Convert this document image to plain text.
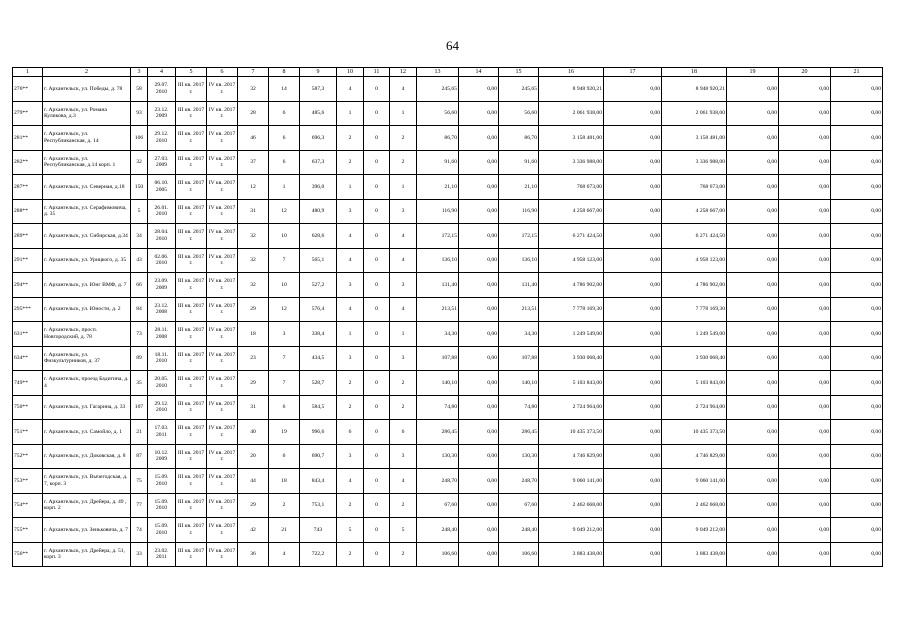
64
1	2	3	4	5	6	7	8	9	10	11	12	13	14	15	16	17	18	19	20	21
276**	г. Архангельск, ул. Победы, д. 78	58	29.07. 2010	III кв. 2017 г.	IV кв. 2017 г.	32	14	587,3	4	0	4	245,65	0,00	245,65	8 948 920,21	0,00	8 948 920,21	0,00	0,00	0,00
279**	г. Архангельск, ул. Романа Куликова, д.3	93	23.12. 2009	III кв. 2017 г.	IV кв. 2017 г.	28	6	485,6	1	0	1	56,60	0,00	56,60	2 061 938,00	0,00	2 061 938,00	0,00	0,00	0,00
281**	г. Архангельск, ул. Республиканская, д. 14	106	29.12. 2010	III кв. 2017 г.	IV кв. 2017 г.	46	6	696,3	2	0	2	86,70	0,00	86,70	3 158 481,00	0,00	3 158 481,00	0,00	0,00	0,00
282**	г. Архангельск, ул. Республиканская, д.14 корп. 1	32	27.03. 2009	III кв. 2017 г.	IV кв. 2017 г.	37	6	637,3	2	0	2	91,60	0,00	91,60	3 336 988,00	0,00	3 336 988,00	0,00	0,00	0,00
287**	г. Архангельск, ул. Северная, д.18	150	06.10. 2005	III кв. 2017 г.	IV кв. 2017 г.	12	1	396,0	1	0	1	21,10	0,00	21,10	768 673,00	0,00	768 673,00	0,00	0,00	0,00
288**	г. Архангельск, ул. Серафимовича, д. 35	5	26.01. 2010	III кв. 2017 г.	IV кв. 2017 г.	31	12	480,9	3	0	3	116,90	0,00	116,90	4 258 667,00	0,00	4 258 667,00	0,00	0,00	0,00
289**	г. Архангельск, ул. Сибирская, д.34	34	28.04. 2010	III кв. 2017 г.	IV кв. 2017 г.	32	10	628,6	4	0	4	172,15	0,00	172,15	6 271 424,50	0,00	6 271 424,50	0,00	0,00	0,00
291**	г. Архангельск, ул. Урицкого, д. 35	43	02.06. 2010	III кв. 2017 г.	IV кв. 2017 г.	32	7	565,1	4	0	4	136,10	0,00	136,10	4 958 123,00	0,00	4 958 123,00	0,00	0,00	0,00
294**	г. Архангельск, ул. Юнг ВМФ, д. 7	66	23.09. 2009	III кв. 2017 г.	IV кв. 2017 г.	32	10	527,2	3	0	3	131,40	0,00	131,40	4 786 902,00	0,00	4 786 902,00	0,00	0,00	0,00
295***	г. Архангельск, ул. Юности, д. 2	84	23.12. 2008	III кв. 2017 г.	IV кв. 2017 г.	29	12	576,4	4	0	4	213,51	0,00	213,51	7 778 169,30	0,00	7 778 169,30	0,00	0,00	0,00
631**	г. Архангельск, просп. Новгородский, д. 78	73	28.11. 2008	III кв. 2017 г.	IV кв. 2017 г.	18	3	338,4	1	0	1	34,30	0,00	34,30	1 249 549,00	0,00	1 249 549,00	0,00	0,00	0,00
634**	г. Архангельск, ул. Физкультурников, д. 37	89	18.11. 2010	III кв. 2017 г.	IV кв. 2017 г.	23	7	434,5	3	0	3	107,88	0,00	107,88	3 930 068,40	0,00	3 930 068,40	0,00	0,00	0,00
749**	г. Архангельск, проезд Бадигина, д. 4	35	20.05. 2010	III кв. 2017 г.	IV кв. 2017 г.	29	7	528,7	2	0	2	140,10	0,00	140,10	5 103 843,00	0,00	5 103 843,00	0,00	0,00	0,00
750**	г. Архангельск, ул. Гагарина, д. 33	107	29.12. 2010	III кв. 2017 г.	IV кв. 2017 г.	31	6	584,5	2	0	2	74,80	0,00	74,80	2 724 964,00	0,00	2 724 964,00	0,00	0,00	0,00
751**	г. Архангельск, ул. Самойло, д. 1	21	17.03. 2011	III кв. 2017 г.	IV кв. 2017 г.	40	19	996,6	6	0	6	286,45	0,00	286,45	10 435 373,50	0,00	10 435 373,50	0,00	0,00	0,00
752**	г. Архангельск, ул. Доковская, д. 8	87	10.12. 2009	III кв. 2017 г.	IV кв. 2017 г.	20	6	690,7	3	0	3	130,30	0,00	130,30	4 746 829,00	0,00	4 746 829,00	0,00	0,00	0,00
753**	г. Архангельск, ул. Вычегодская, д. 7, корп. 3	75	15.09. 2010	III кв. 2017 г.	IV кв. 2017 г.	44	18	843,4	4	0	4	248,70	0,00	248,70	9 060 141,00	0,00	9 060 141,00	0,00	0,00	0,00
754**	г. Архангельск, ул. Дрейера, д. 49 , корп. 2	77	15.09. 2010	III кв. 2017 г.	IV кв. 2017 г.	29	2	753,1	2	0	2	67,60	0,00	67,60	2 462 668,00	0,00	2 462 668,00	0,00	0,00	0,00
755**	г. Архангельск, ул. Зеньковича, д. 7	74	15.09. 2010	III кв. 2017 г.	IV кв. 2017 г.	42	21	743	5	0	5	248,40	0,00	248,40	9 049 212,00	0,00	9 049 212,00	0,00	0,00	0,00
756**	г. Архангельск, ул. Дрейера, д. 51, корп. 3	33	23.02. 2011	III кв. 2017 г.	IV кв. 2017 г.	36	4	722,2	2	0	2	106,60	0,00	106,60	3 883 438,00	0,00	3 883 438,00	0,00	0,00	0,00
